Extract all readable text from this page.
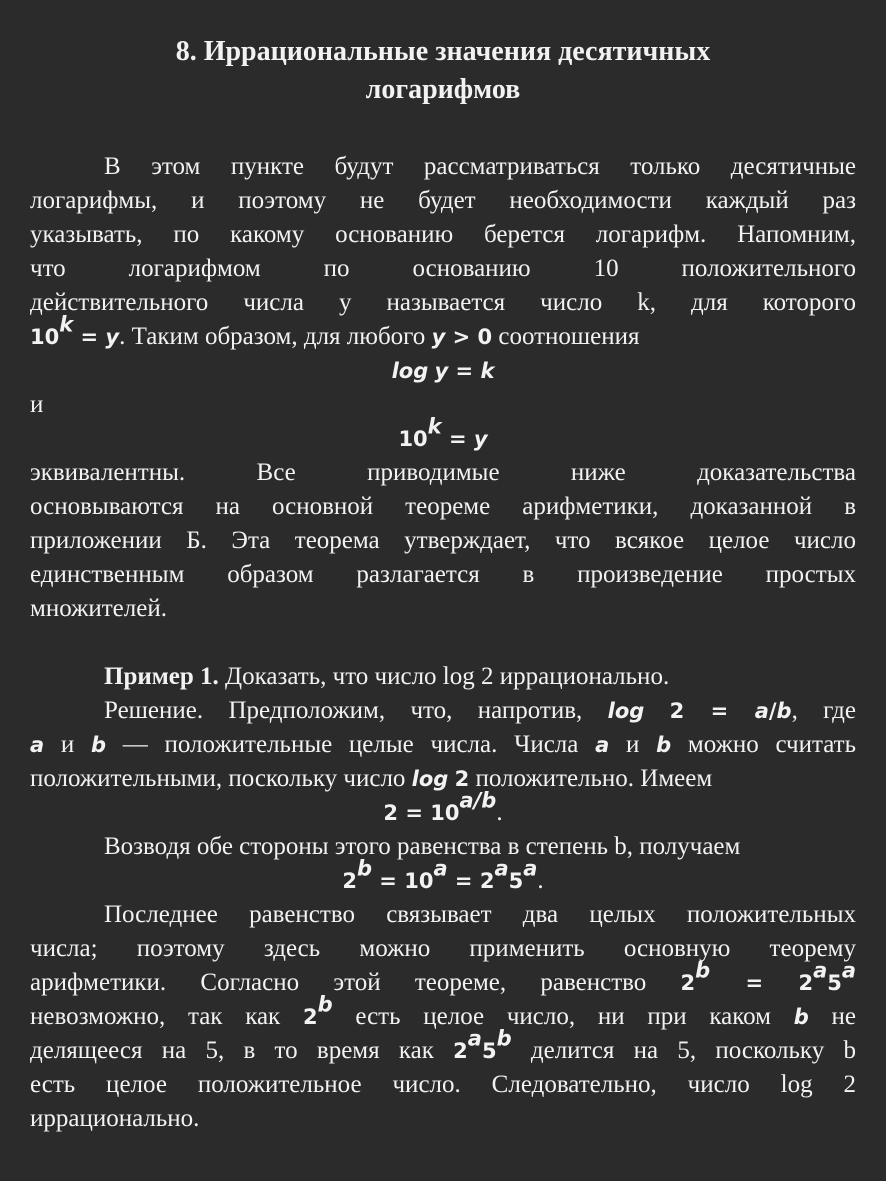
8. Иррациональные значения десятичных
логарифмов

В этом пункте будут рассматриваться только десятичные

логарифмы, и поэтому не будет необходимости каждый раз

указывать, по какому основанию берется логарифм. Напомним,

что логарифмом по основанию 10 положительного

действительного числа y называется число k, для которого

$10^k = y$. Таким образом, для любого y > 0 соотношения

log y = k

и

$10^k = y$

эквивалентны. Все приводимые ниже доказательства

основываются на основной теореме арифметики, доказанной в

приложении Б. Эта теорема утверждает, что всякое целое число

единственным образом разлагается в произведение простых

множителей.

Пример 1. Доказать, что число log 2 иррационально.

Решение. Предположим, что, напротив, log 2 = a/b, где

a и b — положительные целые числа. Числа a и b можно считать

положительными, поскольку число log 2 положительно. Имеем

$2 = 10^{a/b}$.

Возводя обе стороны этого равенства в степень b, получаем

$2^b = 10^a = 2^a5^a$.

Последнее равенство связывает два целых положительных

числа; поэтому здесь можно применить основную теорему

арифметики. Согласно этой теореме, равенство $2^b = 2^a5^a$

невозможно, так как 2$^b$ есть целое число, ни при каком b не

делящееся на 5, в то время как 2$^a$5$^b$ делится на 5, поскольку b

есть целое положительное число. Следовательно, число log 2

иррационально.
